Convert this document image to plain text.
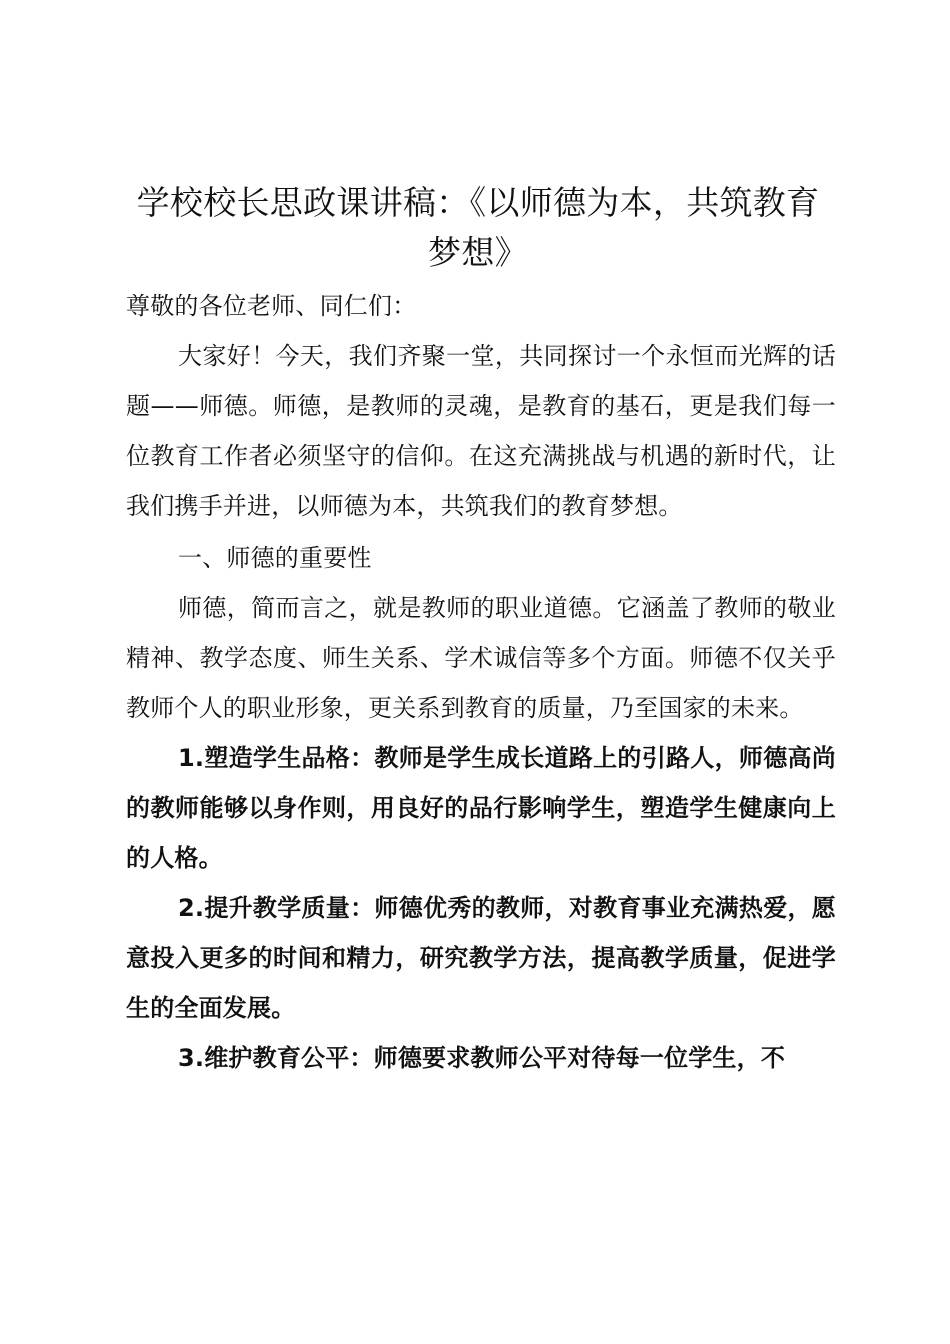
学校校长思政课讲稿：《以师德为本，共筑教育梦想》

尊敬的各位老师、同仁们：

大家好！今天，我们齐聚一堂，共同探讨一个永恒而光辉的话题——师德。师德，是教师的灵魂，是教育的基石，更是我们每一位教育工作者必须坚守的信仰。在这充满挑战与机遇的新时代，让我们携手并进，以师德为本，共筑我们的教育梦想。

一、师德的重要性

师德，简而言之，就是教师的职业道德。它涵盖了教师的敬业精神、教学态度、师生关系、学术诚信等多个方面。师德不仅关乎教师个人的职业形象，更关系到教育的质量，乃至国家的未来。

1.塑造学生品格：教师是学生成长道路上的引路人，师德高尚的教师能够以身作则，用良好的品行影响学生，塑造学生健康向上的人格。

2.提升教学质量：师德优秀的教师，对教育事业充满热爱，愿意投入更多的时间和精力，研究教学方法，提高教学质量，促进学生的全面发展。

3.维护教育公平：师德要求教师公平对待每一位学生，不
